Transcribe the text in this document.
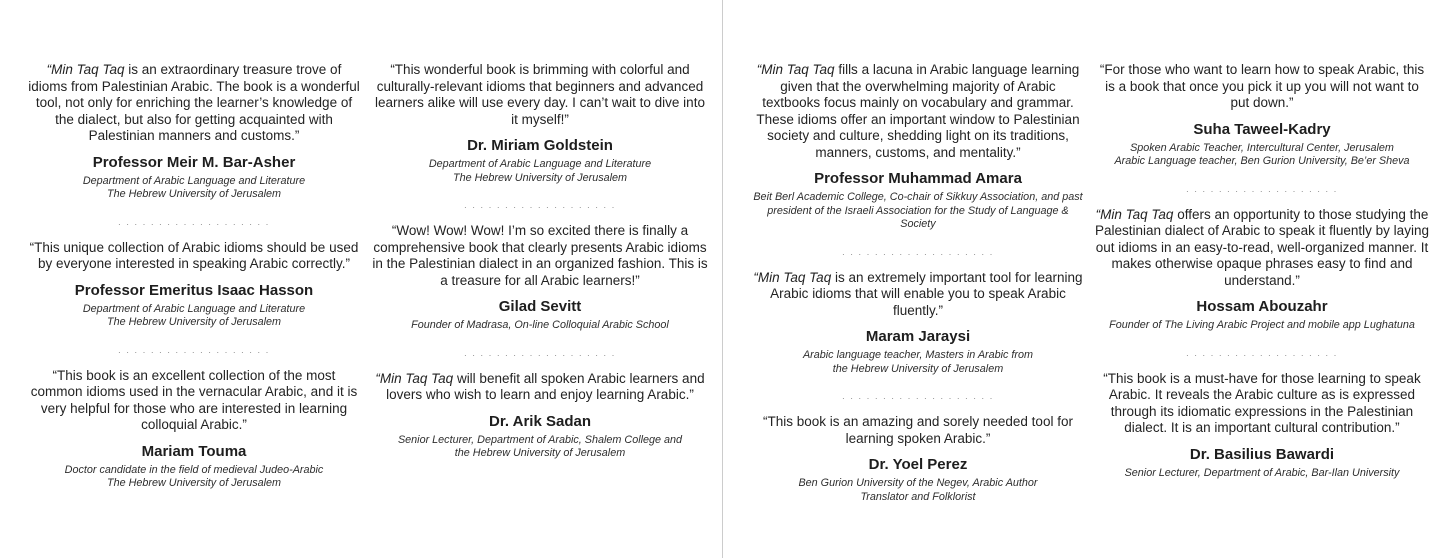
“Min Taq Taq is an extraordinary treasure trove of idioms from Palestinian Arabic. The book is a wonderful tool, not only for enriching the learner’s knowledge of the dialect, but also for getting acquainted with Palestinian manners and customs.”

Professor Meir M. Bar-Asher

Department of Arabic Language and Literature
The Hebrew University of Jerusalem

. . . . . . . . . . . . . . . . . . .

“This unique collection of Arabic idioms should be used by everyone interested in speaking Arabic correctly.”

Professor Emeritus Isaac Hasson

Department of Arabic Language and Literature
The Hebrew University of Jerusalem

. . . . . . . . . . . . . . . . . . .

“This book is an excellent collection of the most common idioms used in the vernacular Arabic, and it is very helpful for those who are interested in learning colloquial Arabic.”

Mariam Touma

Doctor candidate in the field of medieval Judeo-Arabic
The Hebrew University of Jerusalem

“This wonderful book is brimming with colorful and culturally-relevant idioms that beginners and advanced learners alike will use every day. I can’t wait to dive into it myself!”

Dr. Miriam Goldstein

Department of Arabic Language and Literature
The Hebrew University of Jerusalem

. . . . . . . . . . . . . . . . . . .

“Wow! Wow! Wow! I’m so excited there is finally a comprehensive book that clearly presents Arabic idioms in the Palestinian dialect in an organized fashion. This is a treasure for all Arabic learners!”

Gilad Sevitt

Founder of Madrasa, On-line Colloquial Arabic School

. . . . . . . . . . . . . . . . . . .

“Min Taq Taq will benefit all spoken Arabic learners and lovers who wish to learn and enjoy learning Arabic.”

Dr. Arik Sadan

Senior Lecturer, Department of Arabic, Shalem College and
the Hebrew University of Jerusalem

“Min Taq Taq fills a lacuna in Arabic language learning given that the overwhelming majority of Arabic textbooks focus mainly on vocabulary and grammar. These idioms offer an important window to Palestinian society and culture, shedding light on its traditions, manners, customs, and mentality.”

Professor Muhammad Amara

Beit Berl Academic College, Co-chair of Sikkuy Association, and past
president of the Israeli Association for the Study of Language & Society

. . . . . . . . . . . . . . . . . . .

“Min Taq Taq is an extremely important tool for learning Arabic idioms that will enable you to speak Arabic fluently.”

Maram Jaraysi

Arabic language teacher, Masters in Arabic from
the Hebrew University of Jerusalem

. . . . . . . . . . . . . . . . . . .

“This book is an amazing and sorely needed tool for learning spoken Arabic.”

Dr. Yoel Perez

Ben Gurion University of the Negev, Arabic Author
Translator and Folklorist

“For those who want to learn how to speak Arabic, this is a book that once you pick it up you will not want to put down.”

Suha Taweel-Kadry

Spoken Arabic Teacher, Intercultural Center, Jerusalem
Arabic Language teacher, Ben Gurion University, Be’er Sheva

. . . . . . . . . . . . . . . . . . .

“Min Taq Taq offers an opportunity to those studying the Palestinian dialect of Arabic to speak it fluently by laying out idioms in an easy-to-read, well-organized manner. It makes otherwise opaque phrases easy to find and understand.”

Hossam Abouzahr

Founder of The Living Arabic Project and mobile app Lughatuna

. . . . . . . . . . . . . . . . . . .

“This book is a must-have for those learning to speak Arabic. It reveals the Arabic culture as is expressed through its idiomatic expressions in the Palestinian dialect. It is an important cultural contribution.”

Dr. Basilius Bawardi

Senior Lecturer, Department of Arabic, Bar-Ilan University
